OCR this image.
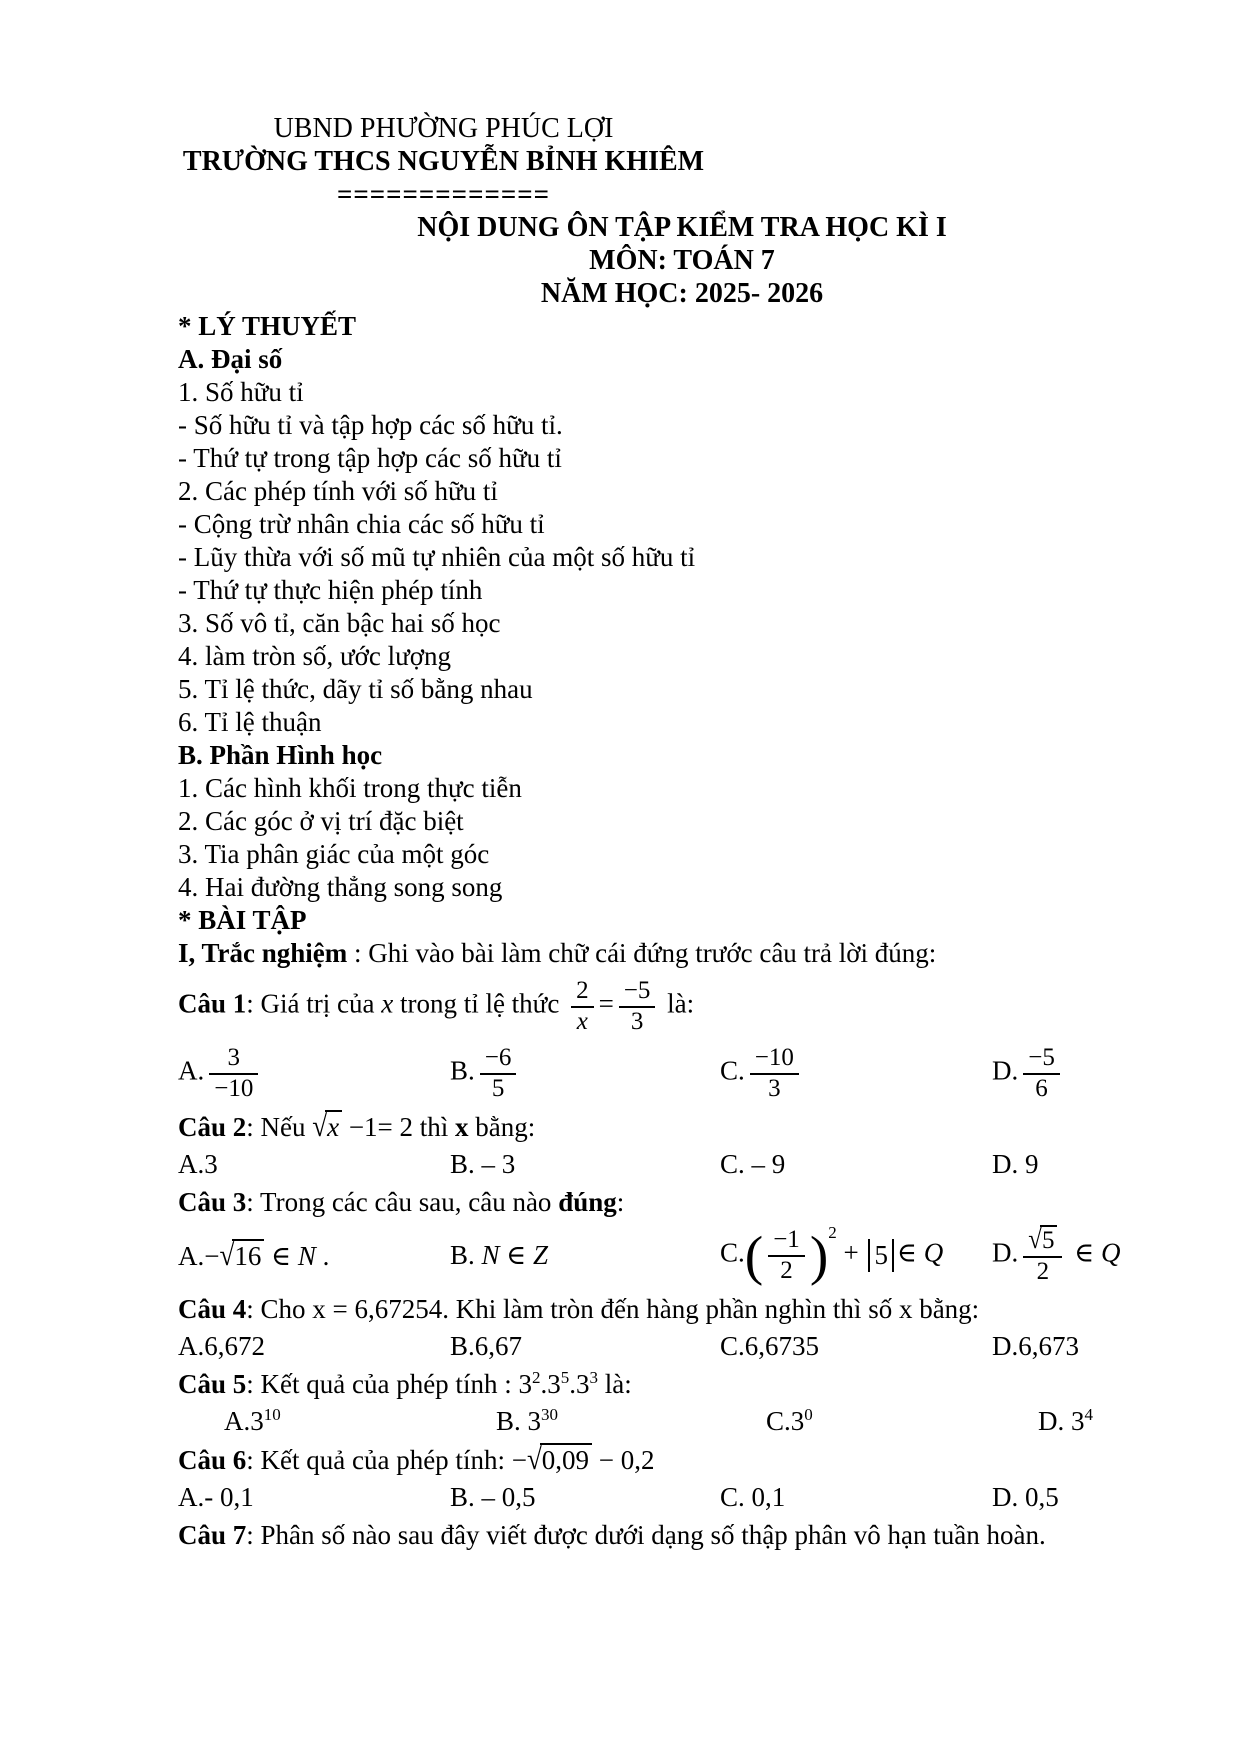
UBND PHƯỜNG PHÚC LỢI
TRƯỜNG THCS NGUYỄN BỈNH KHIÊM
=============
NỘI DUNG ÔN TẬP KIỂM TRA HỌC KÌ I
MÔN: TOÁN 7
NĂM HỌC: 2025- 2026

* LÝ THUYẾT

A. Đại số

1. Số hữu tỉ

- Số hữu tỉ và tập hợp các số hữu tỉ.

- Thứ tự trong tập hợp các số hữu tỉ

2. Các phép tính với số hữu tỉ

- Cộng trừ nhân chia các số hữu tỉ

- Lũy thừa với số mũ tự nhiên của một số hữu tỉ

- Thứ tự thực hiện phép tính

3. Số vô tỉ, căn bậc hai số học

4. làm tròn số, ước lượng

5. Tỉ lệ thức, dãy tỉ số bằng nhau

6. Tỉ lệ thuận

B. Phần Hình học

1. Các hình khối trong thực tiễn

2. Các góc ở vị trí đặc biệt

3. Tia phân giác của một góc

4. Hai đường thẳng song song

* BÀI TẬP

I, Trắc nghiệm : Ghi vào bài làm chữ cái đứng trước câu trả lời đúng:

Câu 1: Giá trị của x trong tỉ lệ thức $\frac{2}{x} = \frac{-5}{3}$ là:

A. $\frac{3}{-10}$	B. $\frac{-6}{5}$	C. $\frac{-10}{3}$	D. $\frac{-5}{6}$

Câu 2: Nếu √x −1= 2 thì x bằng:

A.3	B. – 3	C. – 9	D. 9

Câu 3: Trong các câu sau, câu nào đúng:

A.−√16 ∈ N .	B. N ∈ Z	$C.( \frac{-1}{2} )^2 + 5$ ∈ Q	D. $\frac{√5}{2}$ ∈ Q

Câu 4: Cho x = 6,67254. Khi làm tròn đến hàng phần nghìn thì số x bằng:

A.6,672	B.6,67	C.6,6735	D.6,673

Câu 5: Kết quả của phép tính : $3^2.3^5.3^3$ là:

$A.3^{10}$	B. $3^{30}$	$C.3^0$	D. $3^4$

Câu 6: Kết quả của phép tính: −√0,09 − 0,2

A.- 0,1	B. – 0,5	C. 0,1	D. 0,5

Câu 7: Phân số nào sau đây viết được dưới dạng số thập phân vô hạn tuần hoàn.
